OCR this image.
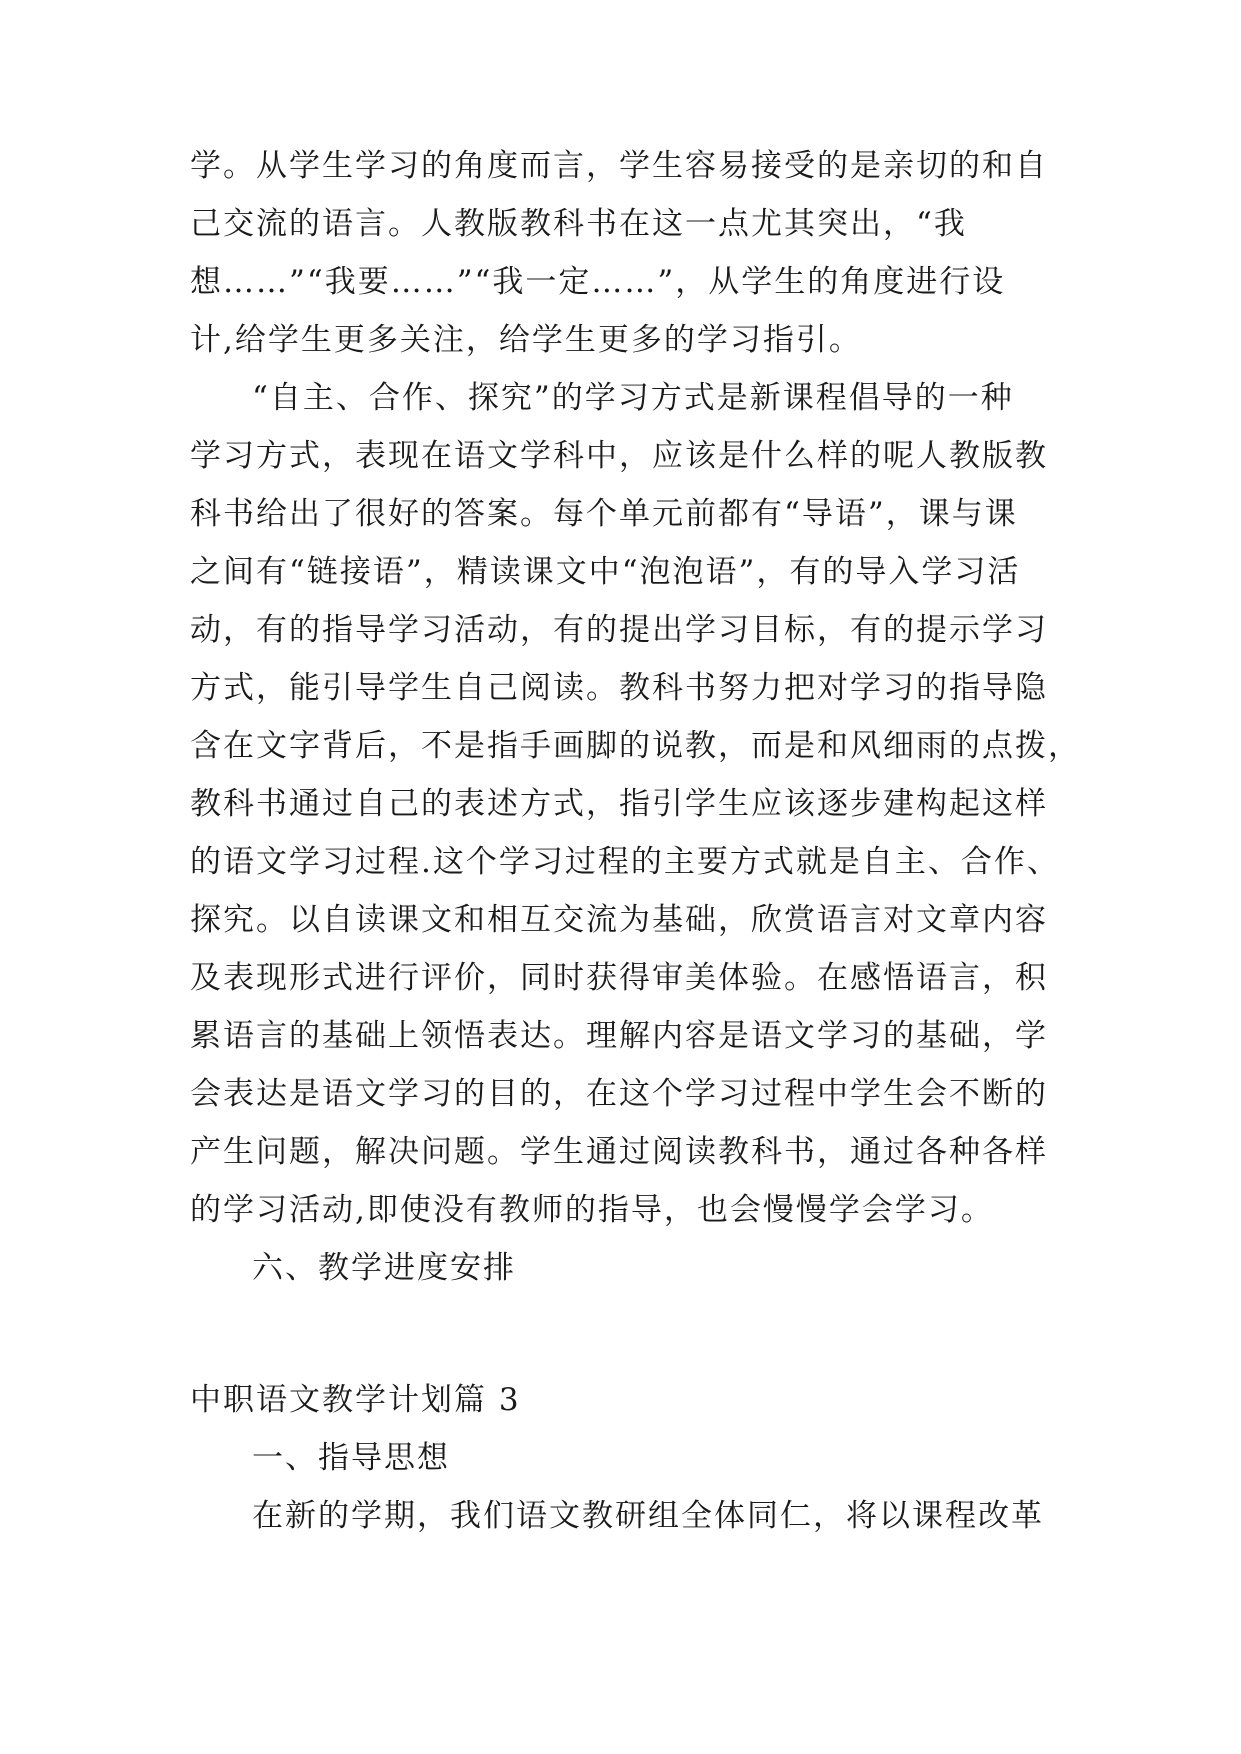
学。从学生学习的角度而言，学生容易接受的是亲切的和自
己交流的语言。人教版教科书在这一点尤其突出，“我
想……”“我要……”“我一定……”，从学生的角度进行设
计,给学生更多关注，给学生更多的学习指引。
“自主、合作、探究”的学习方式是新课程倡导的一种
学习方式，表现在语文学科中，应该是什么样的呢人教版教
科书给出了很好的答案。每个单元前都有“导语”，课与课
之间有“链接语”，精读课文中“泡泡语”，有的导入学习活
动，有的指导学习活动，有的提出学习目标，有的提示学习
方式，能引导学生自己阅读。教科书努力把对学习的指导隐
含在文字背后，不是指手画脚的说教，而是和风细雨的点拨，
教科书通过自己的表述方式，指引学生应该逐步建构起这样
的语文学习过程.这个学习过程的主要方式就是自主、合作、
探究。以自读课文和相互交流为基础，欣赏语言对文章内容
及表现形式进行评价，同时获得审美体验。在感悟语言，积
累语言的基础上领悟表达。理解内容是语文学习的基础，学
会表达是语文学习的目的，在这个学习过程中学生会不断的
产生问题，解决问题。学生通过阅读教科书，通过各种各样
的学习活动,即使没有教师的指导，也会慢慢学会学习。
六、教学进度安排
中职语文教学计划篇 3
一、指导思想
在新的学期，我们语文教研组全体同仁，将以课程改革
